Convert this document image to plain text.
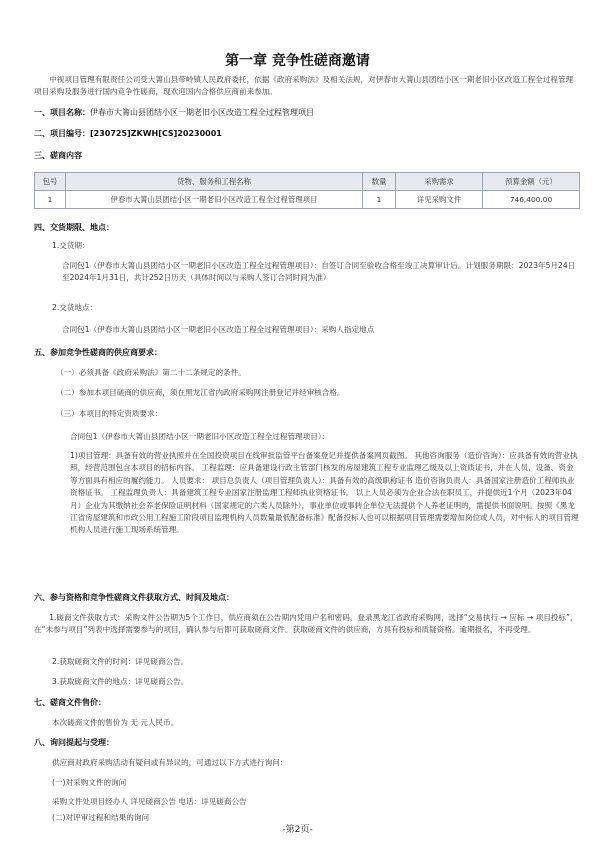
第一章 竞争性磋商邀请
中视项目管理有限责任公司受大箐山县带岭镇人民政府委托，依据《政府采购法》及相关法规，对伊春市大箐山县团结小区一期老旧小区改造工程全过程管理项目采购及服务进行国内竞争性磋商，现欢迎国内合格供应商前来参加。
一、项目名称：伊春市大箐山县团结小区一期老旧小区改造工程全过程管理项目
二、项目编号：[230725]ZKWH[CS]20230001
三、磋商内容
包号	货物、服务和工程名称	数量	采购需求	预算金额（元）
1	伊春市大箐山县团结小区一期老旧小区改造工程全过程管理项目	1	详见采购文件	746,400.00
四、交货期限、地点：
1.交货期：
合同包1（伊春市大箐山县团结小区一期老旧小区改造工程全过程管理项目）：自签订合同至验收合格至竣工决算审计后。计划服务期限：2023年5月24日至2024年1月31日，共计252日历天（具体时间以与采购人签订合同时间为准）
2.交货地点：
合同包1（伊春市大箐山县团结小区一期老旧小区改造工程全过程管理项目）：采购人指定地点
五、参加竞争性磋商的供应商要求：
（一）必须具备《政府采购法》第二十二条规定的条件。
（二）参加本项目磋商的供应商，须在黑龙江省内政府采购网注册登记并经审核合格。
（三）本项目的特定资质要求：
合同包1（伊春市大箐山县团结小区一期老旧小区改造工程全过程管理项目）：
1)项目管理：具备有效的营业执照并在全国投资项目在线审批监管平台备案登记并提供备案网页截图。 其他咨询服务（造价咨询）：应具备有效的营业执照，经营范围包含本项目的招标内容。 工程监理：应具备建设行政主管部门核发的房屋建筑工程专业监理乙级及以上资质证书，并在人员、设备、资金等方面具有相应的履约能力。 人员要求： 项目总负责人（项目管理负责人）：具备有效的高级职称证书 造价咨询负责人：具备国家注册造价工程师执业资格证书。 工程监理负责人：具备建筑工程专业国家注册监理工程师执业资格证书。 以上人员必须为企业合法在职员工，并提供近1个月（2023年04月）企业为其缴纳社会养老保险证明材料（国家规定的六类人员除外），事业单位或事转企单位无法提供个人养老证明的，需提供书面说明。按照《黑龙江省房屋建筑和市政公用工程施工阶段项目监理机构人员数量最低配备标准》配备投标人也可以根据项目管理需要增加岗位或人员，对中标人的项目管理机构人员进行施工现场系统管理。
六、参与资格和竞争性磋商文件获取方式、时间及地点：
1.磋商文件获取方式：采购文件公告期为5个工作日，供应商须在公告期内凭用户名和密码，登录黑龙江省政府采购网，选择“交易执行 → 应标 → 项目投标”，在“未参与项目”列表中选择需要参与的项目，确认参与后即可获取磋商文件。获取磋商文件的供应商，方具有投标和质疑资格。逾期报名，不再受理。
2.获取磋商文件的时间：详见磋商公告。
3.获取磋商文件的地点：详见磋商公告。
七、磋商文件售价：
本次磋商文件的售价为 无 元人民币。
八、询问提起与受理：
供应商对政府采购活动有疑问或有异议的，可通过以下方式进行询问：
(一)对采购文件的询问
采购文件处项目经办人 详见磋商公告 电话：详见磋商公告
(二)对评审过程和结果的询问
-第2页-
